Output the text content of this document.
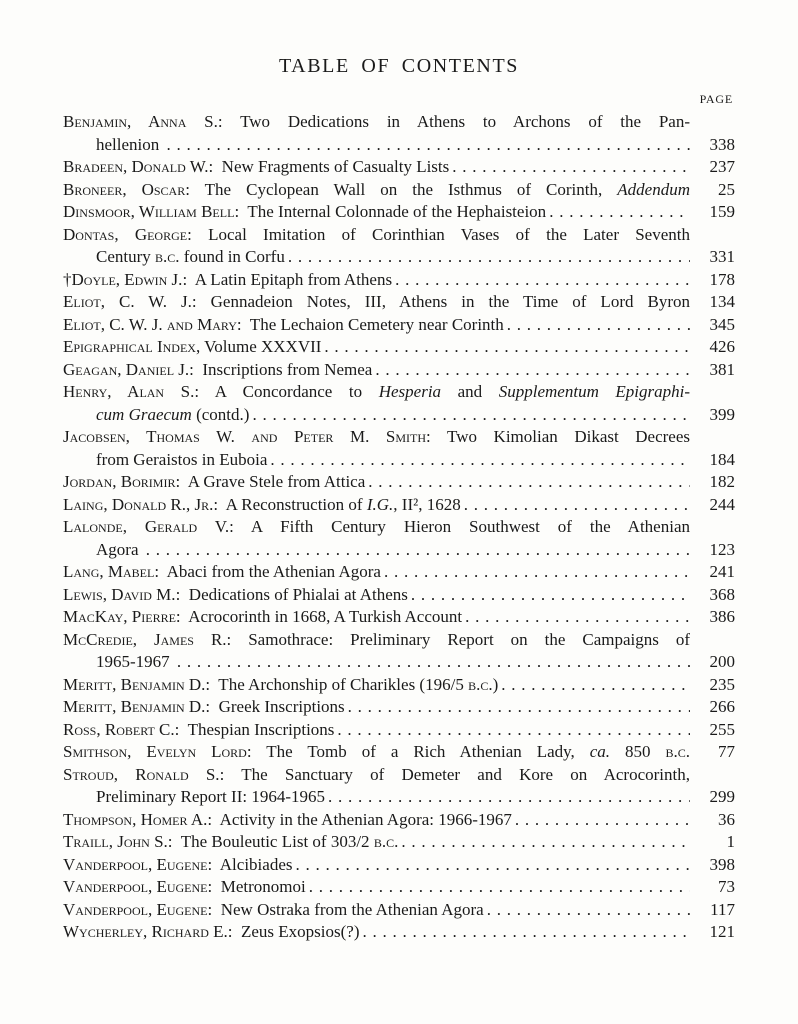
TABLE OF CONTENTS
PAGE
Benjamin, Anna S.: Two Dedications in Athens to Archons of the Pan-
hellenion . . .	338
Bradeen, Donald W.:  New Fragments of Casualty Lists . . .	237
Broneer, Oscar: The Cyclopean Wall on the Isthmus of Corinth, Addendum	25
Dinsmoor, William Bell:  The Internal Colonnade of the Hephaisteion . . .	159
Dontas, George: Local Imitation of Corinthian Vases of the Later Seventh
Century b.c. found in Corfu . . .	331
†Doyle, Edwin J.:  A Latin Epitaph from Athens . . .	178
Eliot, C. W. J.: Gennadeion Notes, III, Athens in the Time of Lord Byron	134
Eliot, C. W. J. and Mary:  The Lechaion Cemetery near Corinth . . .	345
Epigraphical Index, Volume XXXVII . . .	426
Geagan, Daniel J.:  Inscriptions from Nemea . . .	381
Henry, Alan S.: A Concordance to Hesperia and Supplementum Epigraphi-
cum Graecum (contd.) . . .	399
Jacobsen, Thomas W. and Peter M. Smith: Two Kimolian Dikast Decrees
from Geraistos in Euboia . . .	184
Jordan, Borimir:  A Grave Stele from Attica . . .	182
Laing, Donald R., Jr.:  A Reconstruction of I.G., II², 1628 . . .	244
Lalonde, Gerald V.: A Fifth Century Hieron Southwest of the Athenian
Agora . . .	123
Lang, Mabel:  Abaci from the Athenian Agora . . .	241
Lewis, David M.:  Dedications of Phialai at Athens . . .	368
MacKay, Pierre:  Acrocorinth in 1668, A Turkish Account . . .	386
McCredie, James R.: Samothrace: Preliminary Report on the Campaigns of
1965-1967 . . .	200
Meritt, Benjamin D.:  The Archonship of Charikles (196/5 b.c.) . . .	235
Meritt, Benjamin D.:  Greek Inscriptions . . .	266
Ross, Robert C.:  Thespian Inscriptions . . .	255
Smithson, Evelyn Lord: The Tomb of a Rich Athenian Lady, ca. 850 b.c.	77
Stroud, Ronald S.: The Sanctuary of Demeter and Kore on Acrocorinth,
Preliminary Report II: 1964-1965 . . .	299
Thompson, Homer A.:  Activity in the Athenian Agora: 1966-1967 . . .	36
Traill, John S.:  The Bouleutic List of 303/2 b.c. . . .	1
Vanderpool, Eugene:  Alcibiades . . .	398
Vanderpool, Eugene:  Metronomoi . . .	73
Vanderpool, Eugene:  New Ostraka from the Athenian Agora . . .	117
Wycherley, Richard E.:  Zeus Exopsios(?) . . .	121
